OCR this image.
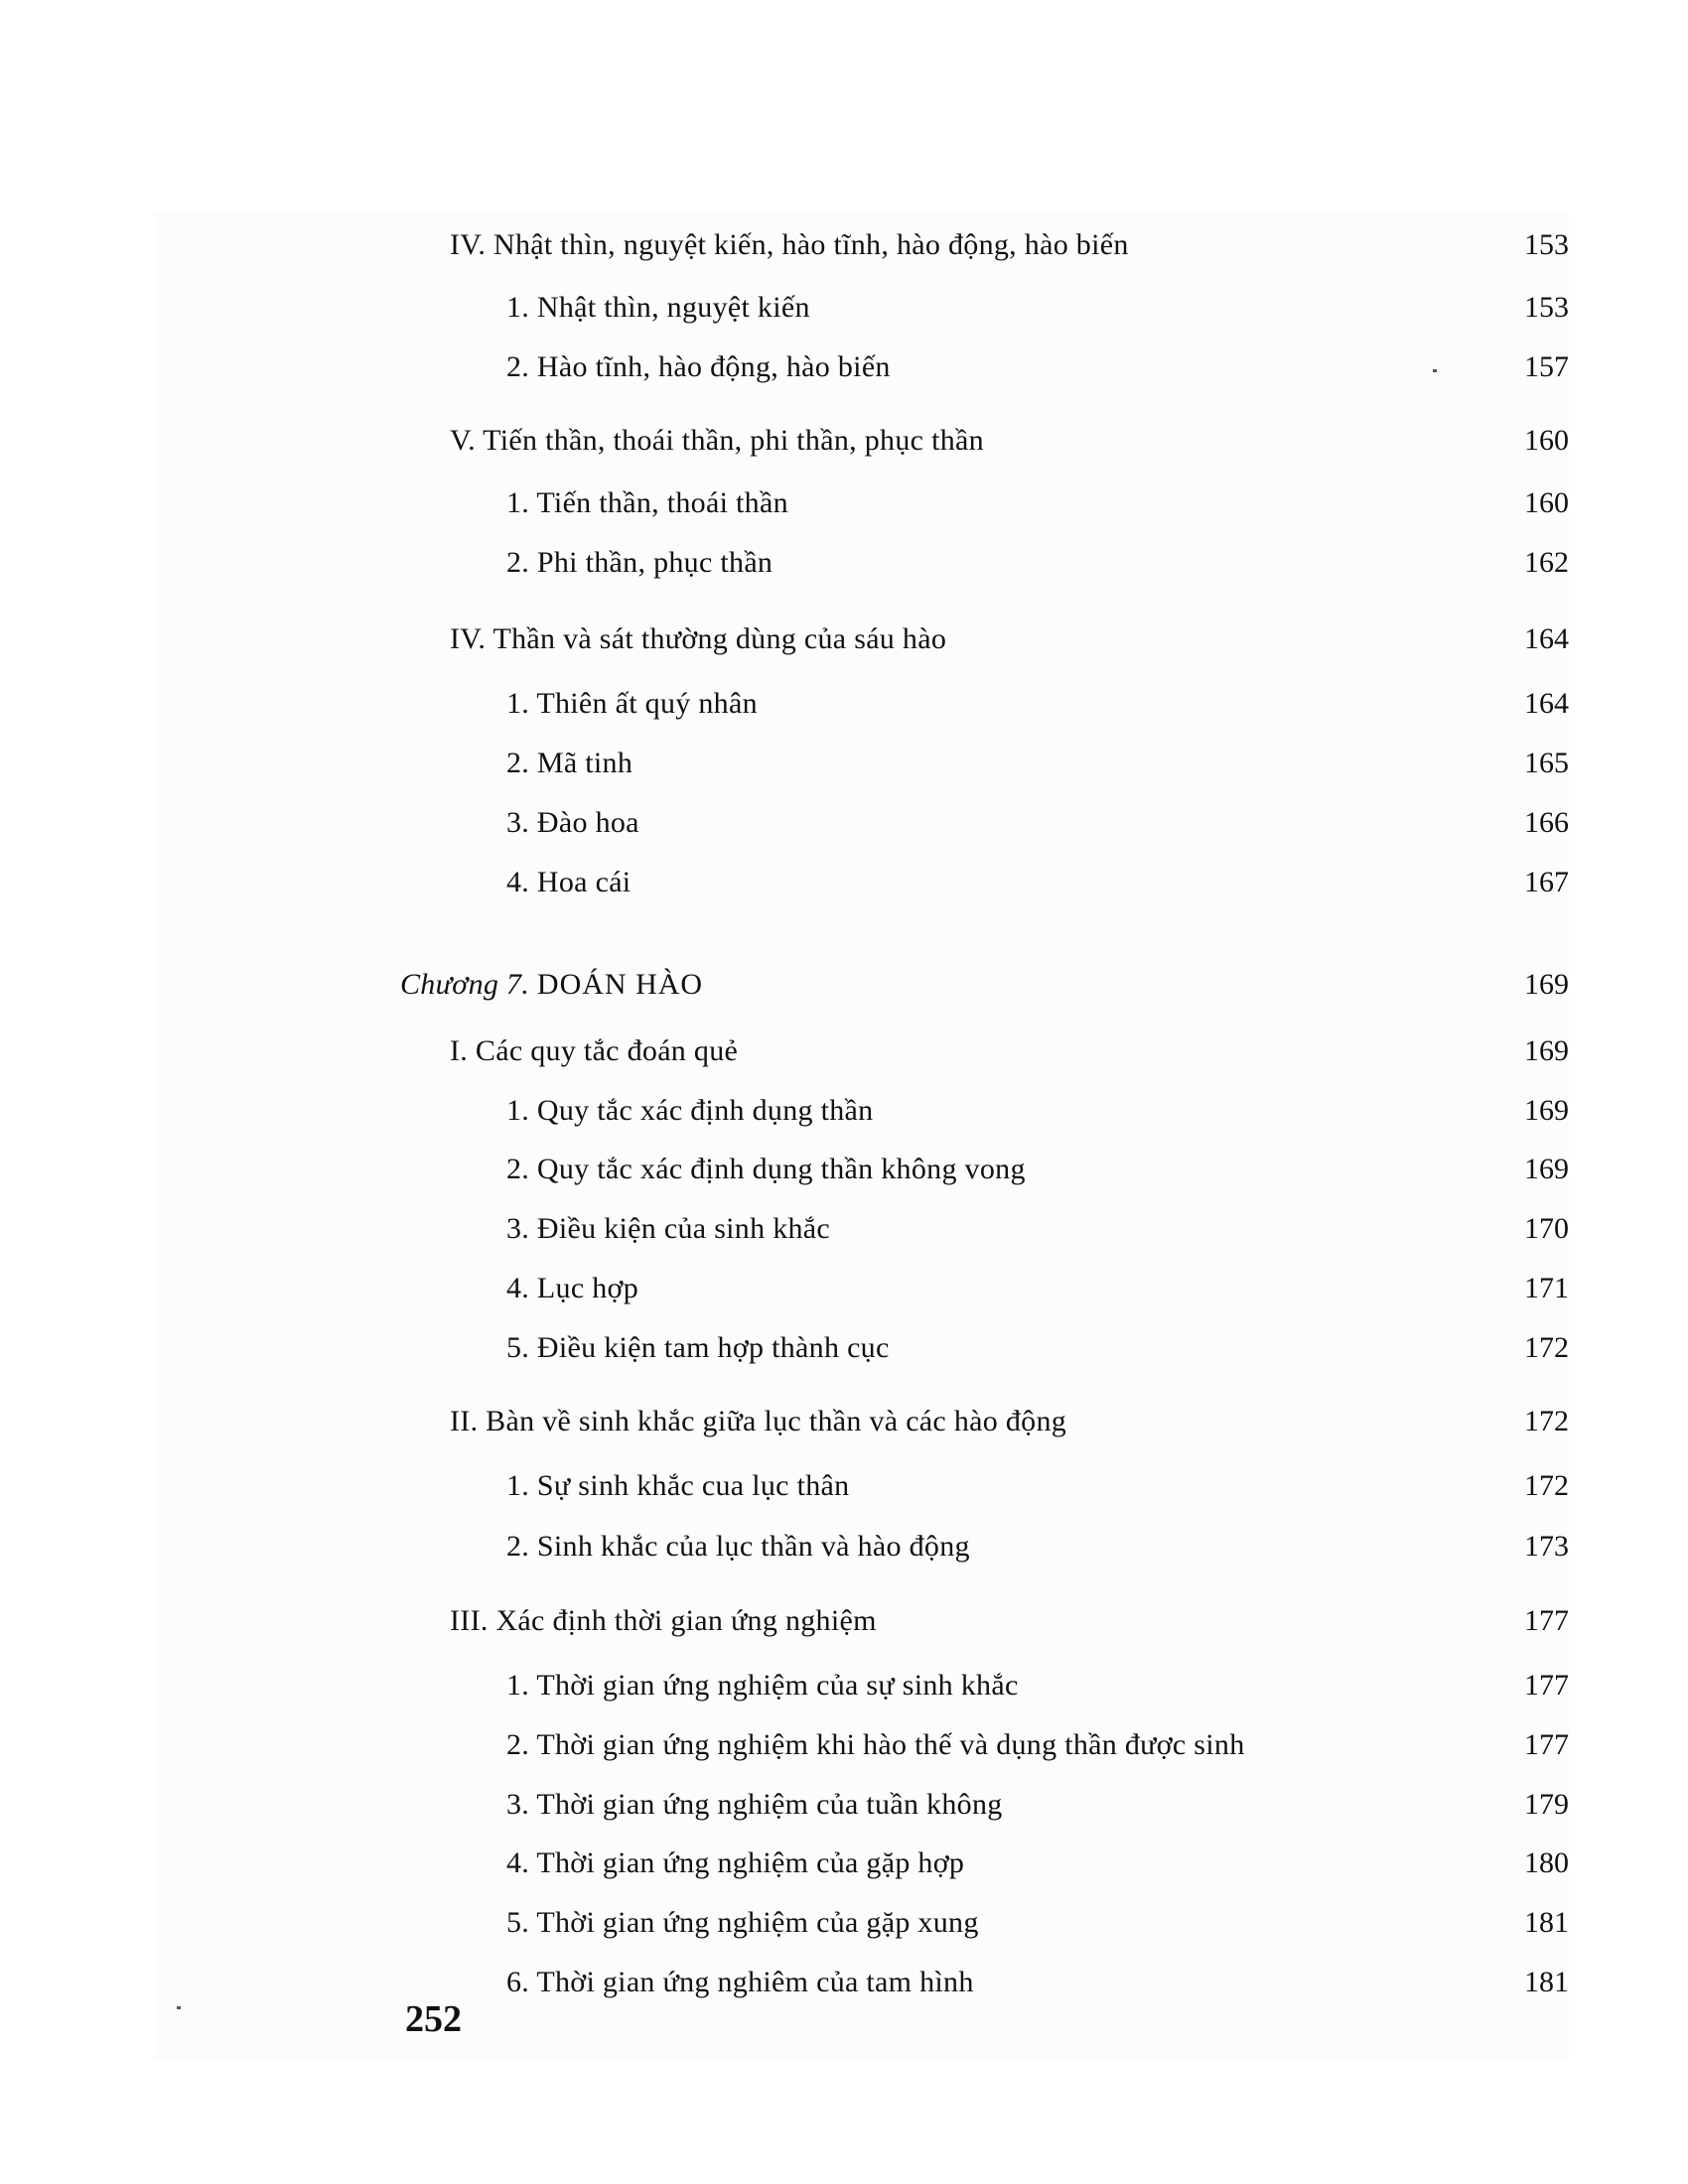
IV. Nhật thìn, nguyệt kiến, hào tĩnh, hào động, hào biến	153
1. Nhật thìn, nguyệt kiến	153
2. Hào tĩnh, hào động, hào biến	157
V. Tiến thần, thoái thần, phi thần, phục thần	160
1. Tiến thần, thoái thần	160
2. Phi thần, phục thần	162
IV. Thần và sát thường dùng của sáu hào	164
1. Thiên ất quý nhân	164
2. Mã tinh	165
3. Đào hoa	166
4. Hoa cái	167
Chương 7. DOÁN HÀO	169
I. Các quy tắc đoán quẻ	169
1. Quy tắc xác định dụng thần	169
2. Quy tắc xác định dụng thần không vong	169
3. Điều kiện của sinh khắc	170
4. Lục hợp	171
5. Điều kiện tam hợp thành cục	172
II. Bàn về sinh khắc giữa lục thần và các hào động	172
1. Sự sinh khắc cua lục thân	172
2. Sinh khắc của lục thần và hào động	173
III. Xác định thời gian ứng nghiệm	177
1. Thời gian ứng nghiệm của sự sinh khắc	177
2. Thời gian ứng nghiệm khi hào thế và dụng thần được sinh	177
3. Thời gian ứng nghiệm của tuần không	179
4. Thời gian ứng nghiệm của gặp hợp	180
5. Thời gian ứng nghiệm của gặp xung	181
6. Thời gian ứng nghiêm của tam hình	181
252
